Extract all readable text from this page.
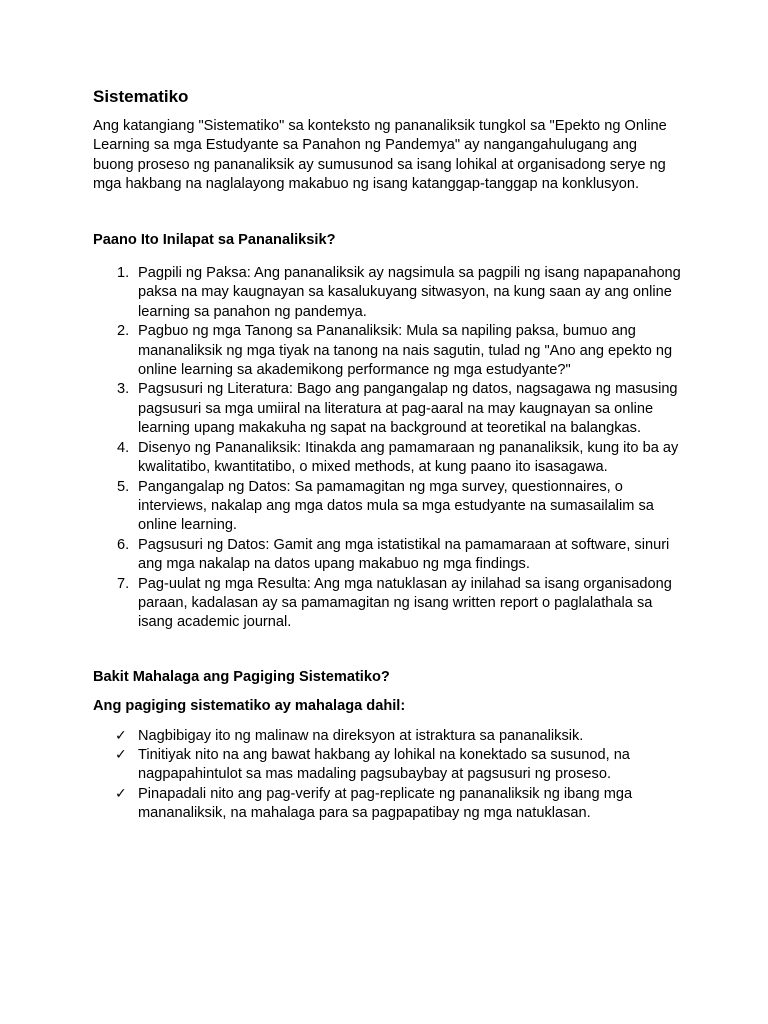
Sistematiko

Ang katangiang "Sistematiko" sa konteksto ng pananaliksik tungkol sa "Epekto ng Online Learning sa mga Estudyante sa Panahon ng Pandemya" ay nangangahulugang ang buong proseso ng pananaliksik ay sumusunod sa isang lohikal at organisadong serye ng mga hakbang na naglalayong makabuo ng isang katanggap-tanggap na konklusyon.

Paano Ito Inilapat sa Pananaliksik?
1. Pagpili ng Paksa: Ang pananaliksik ay nagsimula sa pagpili ng isang napapanahong paksa na may kaugnayan sa kasalukuyang sitwasyon, na kung saan ay ang online learning sa panahon ng pandemya.
2. Pagbuo ng mga Tanong sa Pananaliksik: Mula sa napiling paksa, bumuo ang mananaliksik ng mga tiyak na tanong na nais sagutin, tulad ng "Ano ang epekto ng online learning sa akademikong performance ng mga estudyante?"
3. Pagsusuri ng Literatura: Bago ang pangangalap ng datos, nagsagawa ng masusing pagsusuri sa mga umiiral na literatura at pag-aaral na may kaugnayan sa online learning upang makakuha ng sapat na background at teoretikal na balangkas.
4. Disenyo ng Pananaliksik: Itinakda ang pamamaraan ng pananaliksik, kung ito ba ay kwalitatibo, kwantitatibo, o mixed methods, at kung paano ito isasagawa.
5. Pangangalap ng Datos: Sa pamamagitan ng mga survey, questionnaires, o interviews, nakalap ang mga datos mula sa mga estudyante na sumasailalim sa online learning.
6. Pagsusuri ng Datos: Gamit ang mga istatistikal na pamamaraan at software, sinuri ang mga nakalap na datos upang makabuo ng mga findings.
7. Pag-uulat ng mga Resulta: Ang mga natuklasan ay inilahad sa isang organisadong paraan, kadalasan ay sa pamamagitan ng isang written report o paglalathala sa isang academic journal.
Bakit Mahalaga ang Pagiging Sistematiko?
Ang pagiging sistematiko ay mahalaga dahil:
✓ Nagbibigay ito ng malinaw na direksyon at istraktura sa pananaliksik.
✓ Tinitiyak nito na ang bawat hakbang ay lohikal na konektado sa susunod, na nagpapahintulot sa mas madaling pagsubaybay at pagsusuri ng proseso.
✓ Pinapadali nito ang pag-verify at pag-replicate ng pananaliksik ng ibang mga mananaliksik, na mahalaga para sa pagpapatibay ng mga natuklasan.
